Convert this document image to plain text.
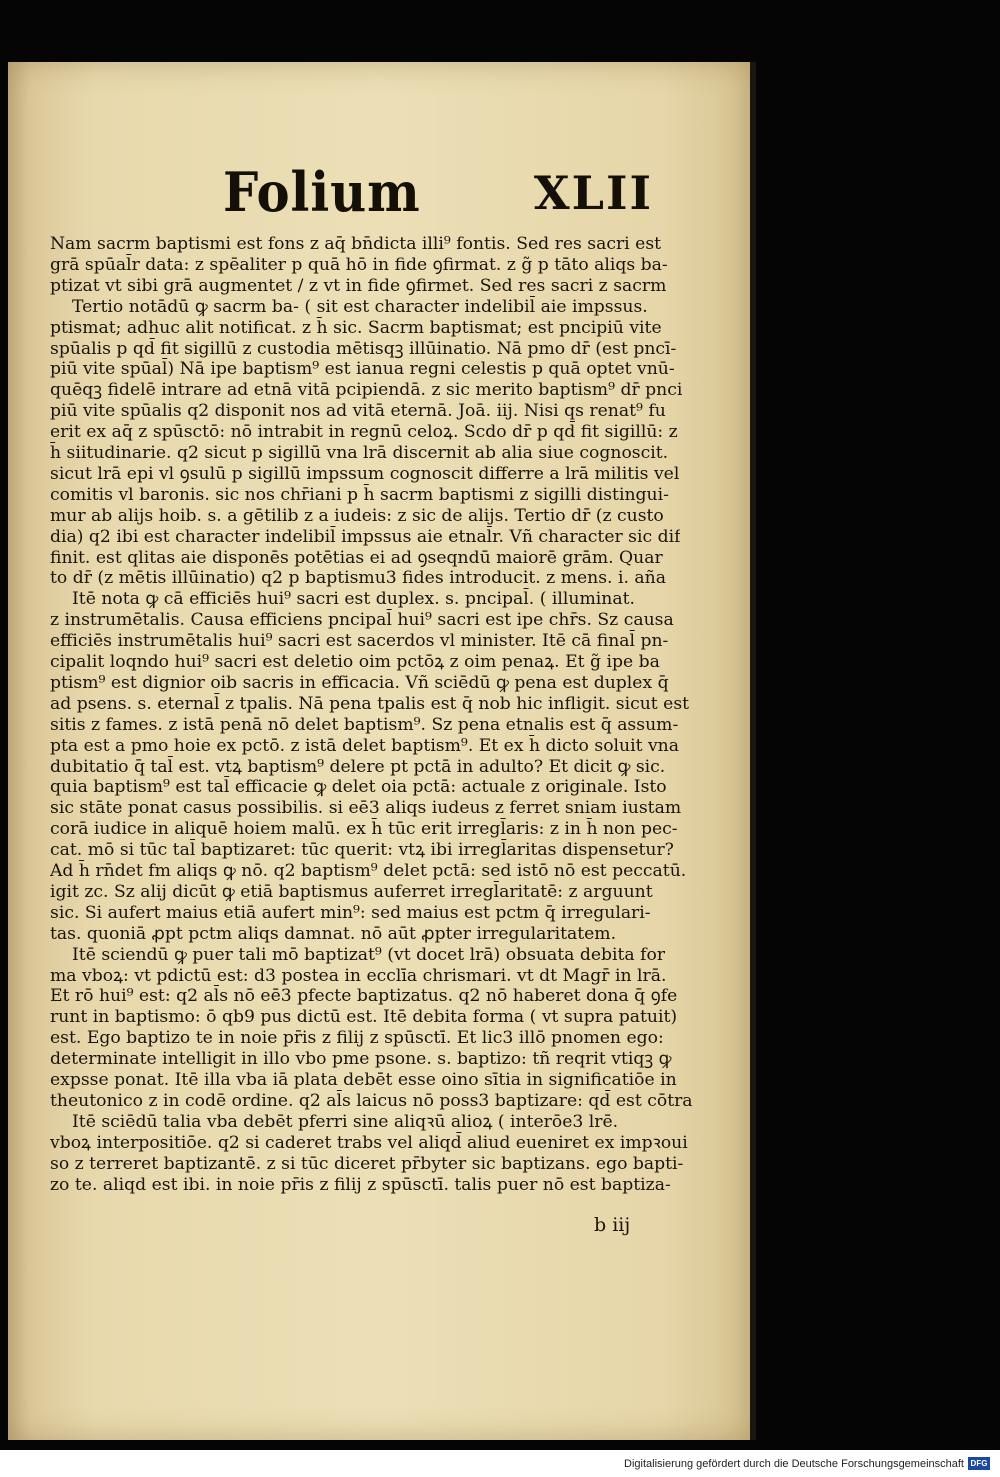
Folium XLII
Nam sacrm baptismi est fons z aq̄ bn̄dicta illi⁹ fontis. Sed res sacri est
grā spūal̄r data: z spēaliter p quā hō in fide ꝯfirmat. z g̃ p tāto aliqs ba-
ptizat vt sibi grā augmentet / z vt in fide ꝯfirmet. Sed res sacri z sacrm
Tertio notādū ꝙ sacrm ba- ( sit est character indelibil̄ aie impssus.
ptismat; adhuc alit notificat. z h̄ sic. Sacrm baptismat; est pncipiū vite
spūalis p qd̄ fit sigillū z custodia mētisqꝫ illūinatio. Nā pmo dr̄ (est pncī-
piū vite spūal̄) Nā ipe baptism⁹ est ianua regni celestis p quā optet vnū-
quēqꝫ fidelē intrare ad etnā vitā pcipiendā. z sic merito baptism⁹ dr̄ pnci
piū vite spūalis q2 disponit nos ad vitā eternā. Joā. iij. Nisi qs renat⁹ fu
erit ex aq̄ z spūsctō: nō intrabit in regnū celoꝝ. Scdo dr̄ p qd̄ fit sigillū: z
h̄ siitudinarie. q2 sicut p sigillū vna lrā discernit ab alia siue cognoscit.
sicut lrā epi vl ꝯsulū p sigillū impssum cognoscit differre a lrā militis vel
comitis vl baronis. sic nos chr̄iani p h̄ sacrm baptismi z sigilli distingui-
mur ab alijs hoib. s. a gētilib z a iudeis: z sic de alijs. Tertio dr̄ (z custo
dia) q2 ibi est character indelibil̄ impssus aie etnal̄r. Vñ character sic dif
finit. est qlitas aie disponēs potētias ei ad ꝯseqndū maiorē grām. Quar
to dr̄ (z mētis illūinatio) q2 p baptismu3 fides introducit. z mens. i. aña
Itē nota ꝙ cā efficiēs hui⁹ sacri est duplex. s. pncipal̄. ( illuminat.
z instrumētalis. Causa efficiens pncipal̄ hui⁹ sacri est ipe chr̄s. Sz causa
efficiēs instrumētalis hui⁹ sacri est sacerdos vl minister. Itē cā final̄ pn-
cipalit loqndo hui⁹ sacri est deletio oim pctōꝝ z oim penaꝝ. Et g̃ ipe ba
ptism⁹ est dignior oib sacris in efficacia. Vñ sciēdū ꝙ pena est duplex q̄
ad psens. s. eternal̄ z tpalis. Nā pena tpalis est q̄ nob hic infligit. sicut est
sitis z fames. z istā penā nō delet baptism⁹. Sz pena etnalis est q̄ assum-
pta est a pmo hoie ex pctō. z istā delet baptism⁹. Et ex h̄ dicto soluit vna
dubitatio q̄ tal̄ est. vtꝝ baptism⁹ delere pt pctā in adulto? Et dicit ꝙ sic.
quia baptism⁹ est tal̄ efficacie ꝙ delet oia pctā: actuale z originale. Isto
sic stāte ponat casus possibilis. si eē3 aliqs iudeus z ferret sniam iustam
corā iudice in aliquē hoiem malū. ex h̄ tūc erit irregl̄aris: z in h̄ non pec-
cat. mō si tūc tal̄ baptizaret: tūc querit: vtꝝ ibi irregl̄aritas dispensetur?
Ad h̄ rn̄det fm aliqs ꝙ nō. q2 baptism⁹ delet pctā: sed istō nō est peccatū.
igit zc. Sz alij dicūt ꝙ etiā baptismus auferret irregl̄aritatē: z arguunt
sic. Si aufert maius etiā aufert min⁹: sed maius est pctm q̄ irregulari-
tas. quoniā ꝓpt pctm aliqs damnat. nō aūt ꝓpter irregularitatem.
Itē sciendū ꝙ puer tali mō baptizat⁹ (vt docet lrā) obsuata debita for
ma vboꝝ: vt pdictū est: d3 postea in ecclīa chrismari. vt dt Magr̄ in lrā.
Et rō hui⁹ est: q2 al̄s nō eē3 pfecte baptizatus. q2 nō haberet dona q̄ ꝯfe
runt in baptismo: ō qb9 pus dictū est. Itē debita forma ( vt supra patuit)
est. Ego baptizo te in noie pr̄is z filij z spūsctī. Et lic3 illō pnomen ego:
determinate intelligit in illo vbo pme psone. s. baptizo: tñ reqrit vtiqꝫ ꝙ
expsse ponat. Itē illa vba iā plata debēt esse oino sītia in significatiōe in
theutonico z in codē ordine. q2 al̄s laicus nō poss3 baptizare: qd̄ est cōtra
Itē sciēdū talia vba debēt pferri sine aliqꝛū alioꝝ ( interōe3 lrē.
vboꝝ interpositiōe. q2 si caderet trabs vel aliqd̄ aliud eueniret ex impꝛoui
so z terreret baptizantē. z si tūc diceret pr̄byter sic baptizans. ego bapti-
zo te. aliqd est ibi. in noie pr̄is z filij z spūsctī. talis puer nō est baptiza-
b iij
Digitalisierung gefördert durch die Deutsche Forschungsgemeinschaft DFG
